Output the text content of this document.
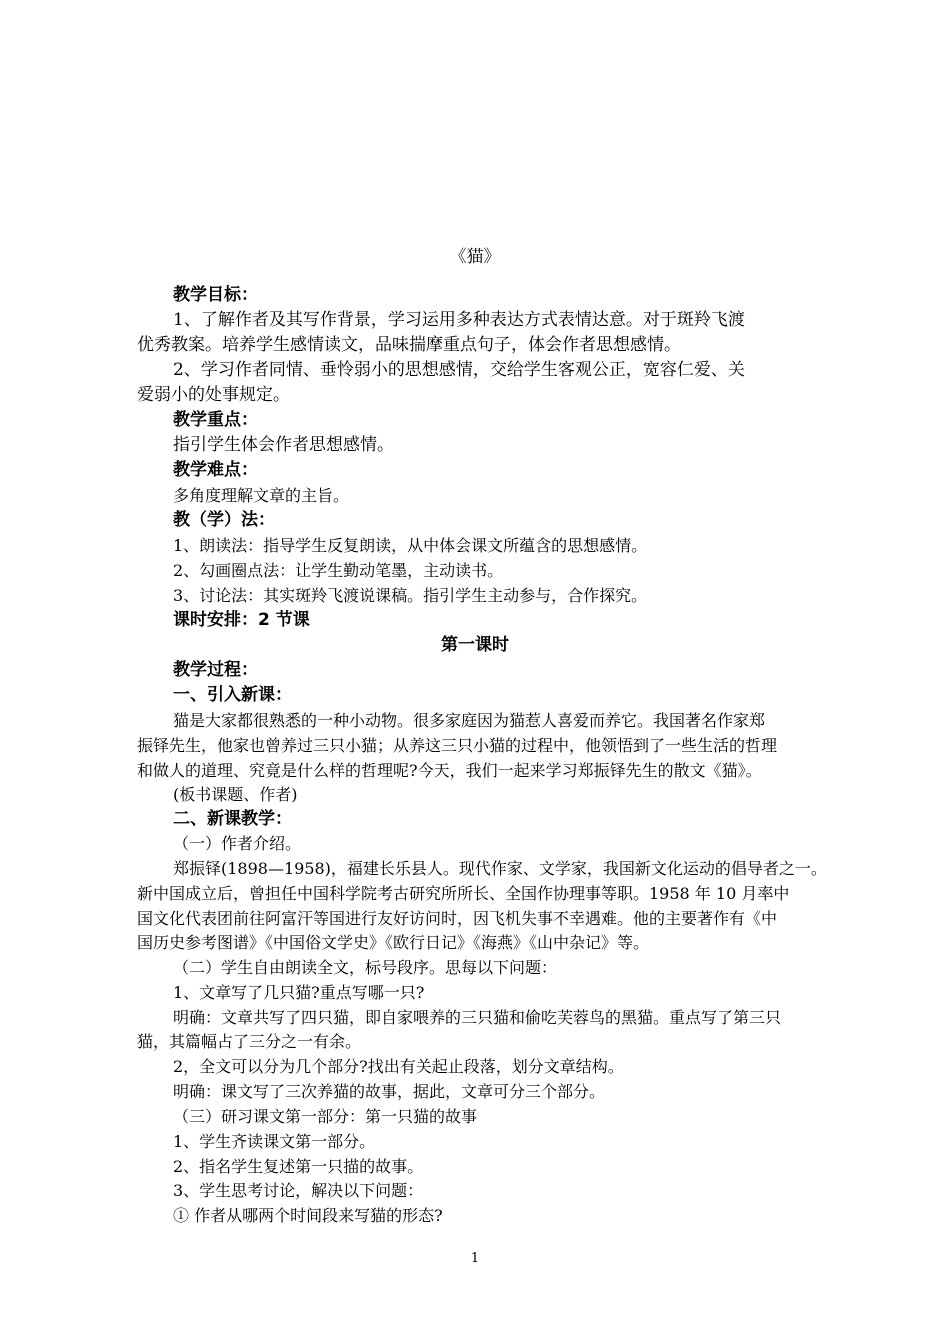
《猫》
教学目标：
1、了解作者及其写作背景，学习运用多种表达方式表情达意。对于斑羚飞渡
优秀教案。培养学生感情读文，品味揣摩重点句子，体会作者思想感情。
2、学习作者同情、垂怜弱小的思想感情，交给学生客观公正，宽容仁爱、关
爱弱小的处事规定。
教学重点：
指引学生体会作者思想感情。
教学难点：
多角度理解文章的主旨。
教（学）法：
1、朗读法：指导学生反复朗读，从中体会课文所蕴含的思想感情。
2、勾画圈点法：让学生勤动笔墨，主动读书。
3、讨论法：其实斑羚飞渡说课稿。指引学生主动参与，合作探究。
课时安排：2 节课
第一课时
教学过程：
一、引入新课：
猫是大家都很熟悉的一种小动物。很多家庭因为猫惹人喜爱而养它。我国著名作家郑
振铎先生，他家也曾养过三只小猫；从养这三只小猫的过程中，他领悟到了一些生活的哲理
和做人的道理、究竟是什么样的哲理呢?今天，我们一起来学习郑振铎先生的散文《猫》。
(板书课题、作者)
二、新课教学：
（一）作者介绍。
郑振铎(1898—1958)，福建长乐县人。现代作家、文学家，我国新文化运动的倡导者之一。
新中国成立后，曾担任中国科学院考古研究所所长、全国作协理事等职。1958 年 10 月率中
国文化代表团前往阿富汗等国进行友好访问时，因飞机失事不幸遇难。他的主要著作有《中
国历史参考图谱》《中国俗文学史》《欧行日记》《海燕》《山中杂记》等。
（二）学生自由朗读全文，标号段序。思每以下问题：
1、文章写了几只猫?重点写哪一只?
明确：文章共写了四只猫，即自家喂养的三只猫和偷吃芙蓉鸟的黑猫。重点写了第三只
猫，其篇幅占了三分之一有余。
2，全文可以分为几个部分?找出有关起止段落，划分文章结构。
明确：课文写了三次养猫的故事，据此，文章可分三个部分。
（三）研习课文第一部分：第一只猫的故事
1、学生齐读课文第一部分。
2、指名学生复述第一只描的故事。
3、学生思考讨论，解决以下问题：
① 作者从哪两个时间段来写猫的形态?
1
